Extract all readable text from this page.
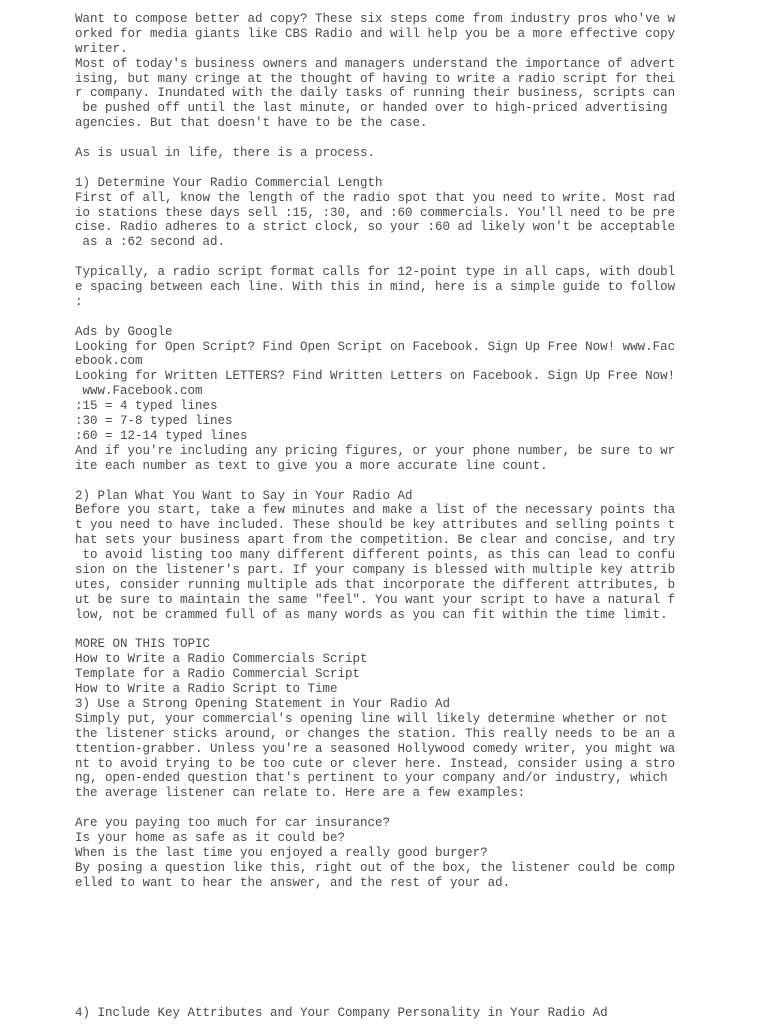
Want to compose better ad copy? These six steps come from industry pros who've w
orked for media giants like CBS Radio and will help you be a more effective copy
writer.
Most of today's business owners and managers understand the importance of advert
ising, but many cringe at the thought of having to write a radio script for thei
r company. Inundated with the daily tasks of running their business, scripts can
be pushed off until the last minute, or handed over to high-priced advertising
agencies. But that doesn't have to be the case.
As is usual in life, there is a process.
1) Determine Your Radio Commercial Length
First of all, know the length of the radio spot that you need to write. Most rad
io stations these days sell :15, :30, and :60 commercials. You'll need to be pre
cise. Radio adheres to a strict clock, so your :60 ad likely won't be acceptable
as a :62 second ad.
Typically, a radio script format calls for 12-point type in all caps, with doubl
e spacing between each line. With this in mind, here is a simple guide to follow
:
Ads by Google
Looking for Open Script? Find Open Script on Facebook. Sign Up Free Now! www.Fac
ebook.com
Looking for Written LETTERS? Find Written Letters on Facebook. Sign Up Free Now!
www.Facebook.com
:15 = 4 typed lines
:30 = 7-8 typed lines
:60 = 12-14 typed lines
And if you're including any pricing figures, or your phone number, be sure to wr
ite each number as text to give you a more accurate line count.
2) Plan What You Want to Say in Your Radio Ad
Before you start, take a few minutes and make a list of the necessary points tha
t you need to have included. These should be key attributes and selling points t
hat sets your business apart from the competition. Be clear and concise, and try
to avoid listing too many different different points, as this can lead to confu
sion on the listener's part. If your company is blessed with multiple key attrib
utes, consider running multiple ads that incorporate the different attributes, b
ut be sure to maintain the same "feel". You want your script to have a natural f
low, not be crammed full of as many words as you can fit within the time limit.
MORE ON THIS TOPIC
How to Write a Radio Commercials Script
Template for a Radio Commercial Script
How to Write a Radio Script to Time
3) Use a Strong Opening Statement in Your Radio Ad
Simply put, your commercial's opening line will likely determine whether or not
the listener sticks around, or changes the station. This really needs to be an a
ttention-grabber. Unless you're a seasoned Hollywood comedy writer, you might wa
nt to avoid trying to be too cute or clever here. Instead, consider using a stro
ng, open-ended question that's pertinent to your company and/or industry, which
the average listener can relate to. Here are a few examples:
Are you paying too much for car insurance?
Is your home as safe as it could be?
When is the last time you enjoyed a really good burger?
By posing a question like this, right out of the box, the listener could be comp
elled to want to hear the answer, and the rest of your ad.
4) Include Key Attributes and Your Company Personality in Your Radio Ad
